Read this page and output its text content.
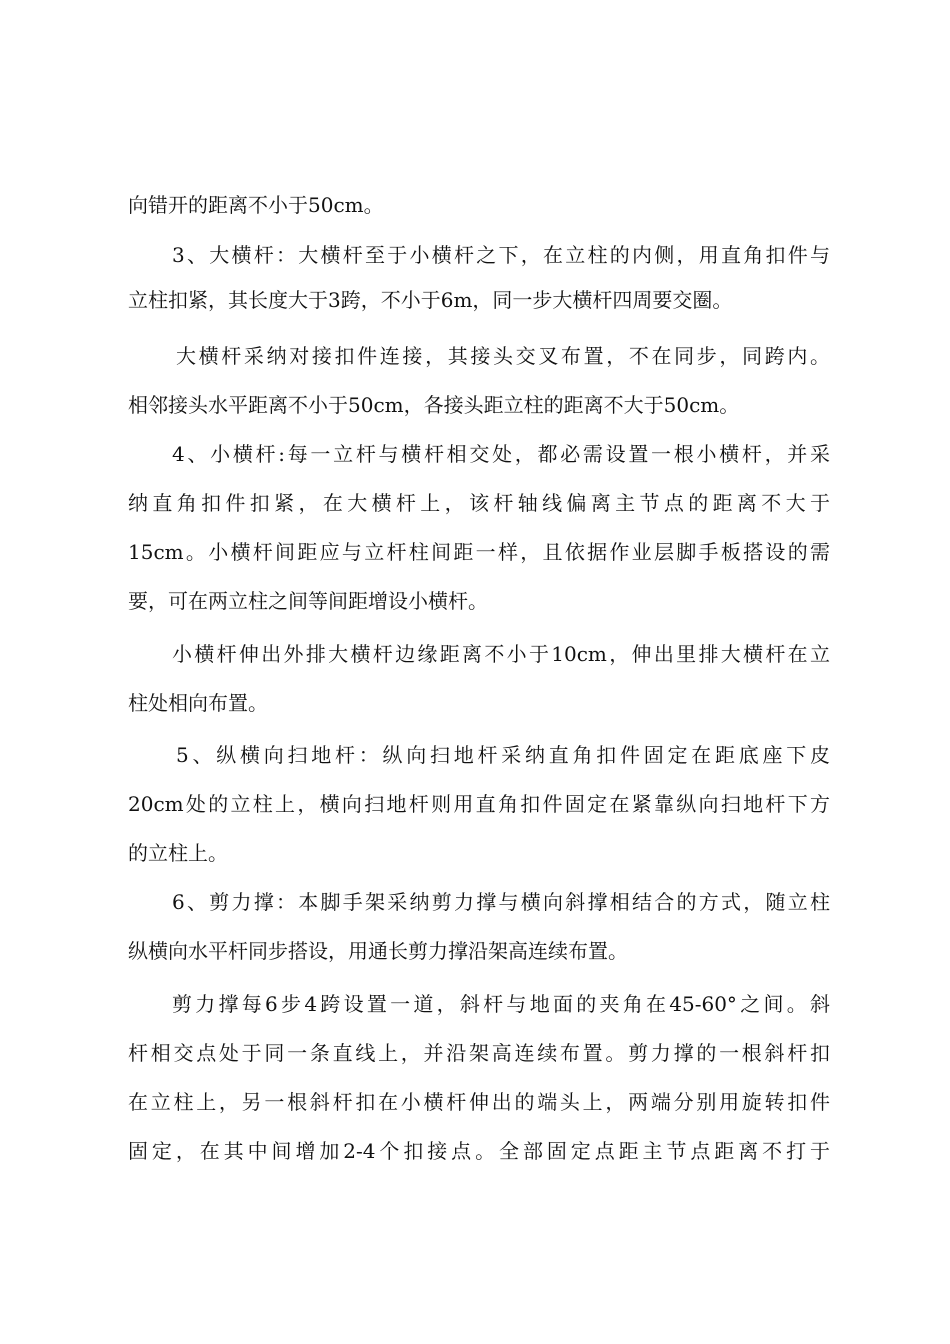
向错开的距离不小于50cm。
3、大横杆：大横杆至于小横杆之下，在立柱的内侧，用直角扣件与
立柱扣紧，其长度大于3跨，不小于6m，同一步大横杆四周要交圈。
大横杆采纳对接扣件连接，其接头交叉布置，不在同步，同跨内。
相邻接头水平距离不小于50cm，各接头距立柱的距离不大于50cm。
4、小横杆:每一立杆与横杆相交处，都必需设置一根小横杆，并采
纳直角扣件扣紧，在大横杆上，该杆轴线偏离主节点的距离不大于
15cm。小横杆间距应与立杆柱间距一样，且依据作业层脚手板搭设的需
要，可在两立柱之间等间距增设小横杆。
小横杆伸出外排大横杆边缘距离不小于10cm，伸出里排大横杆在立
柱处相向布置。
5、纵横向扫地杆：纵向扫地杆采纳直角扣件固定在距底座下皮
20cm处的立柱上，横向扫地杆则用直角扣件固定在紧靠纵向扫地杆下方
的立柱上。
6、剪力撑：本脚手架采纳剪力撑与横向斜撑相结合的方式，随立柱
纵横向水平杆同步搭设，用通长剪力撑沿架高连续布置。
剪力撑每6步4跨设置一道，斜杆与地面的夹角在45-60°之间。斜
杆相交点处于同一条直线上，并沿架高连续布置。剪力撑的一根斜杆扣
在立柱上，另一根斜杆扣在小横杆伸出的端头上，两端分别用旋转扣件
固定，在其中间增加2-4个扣接点。全部固定点距主节点距离不打于
